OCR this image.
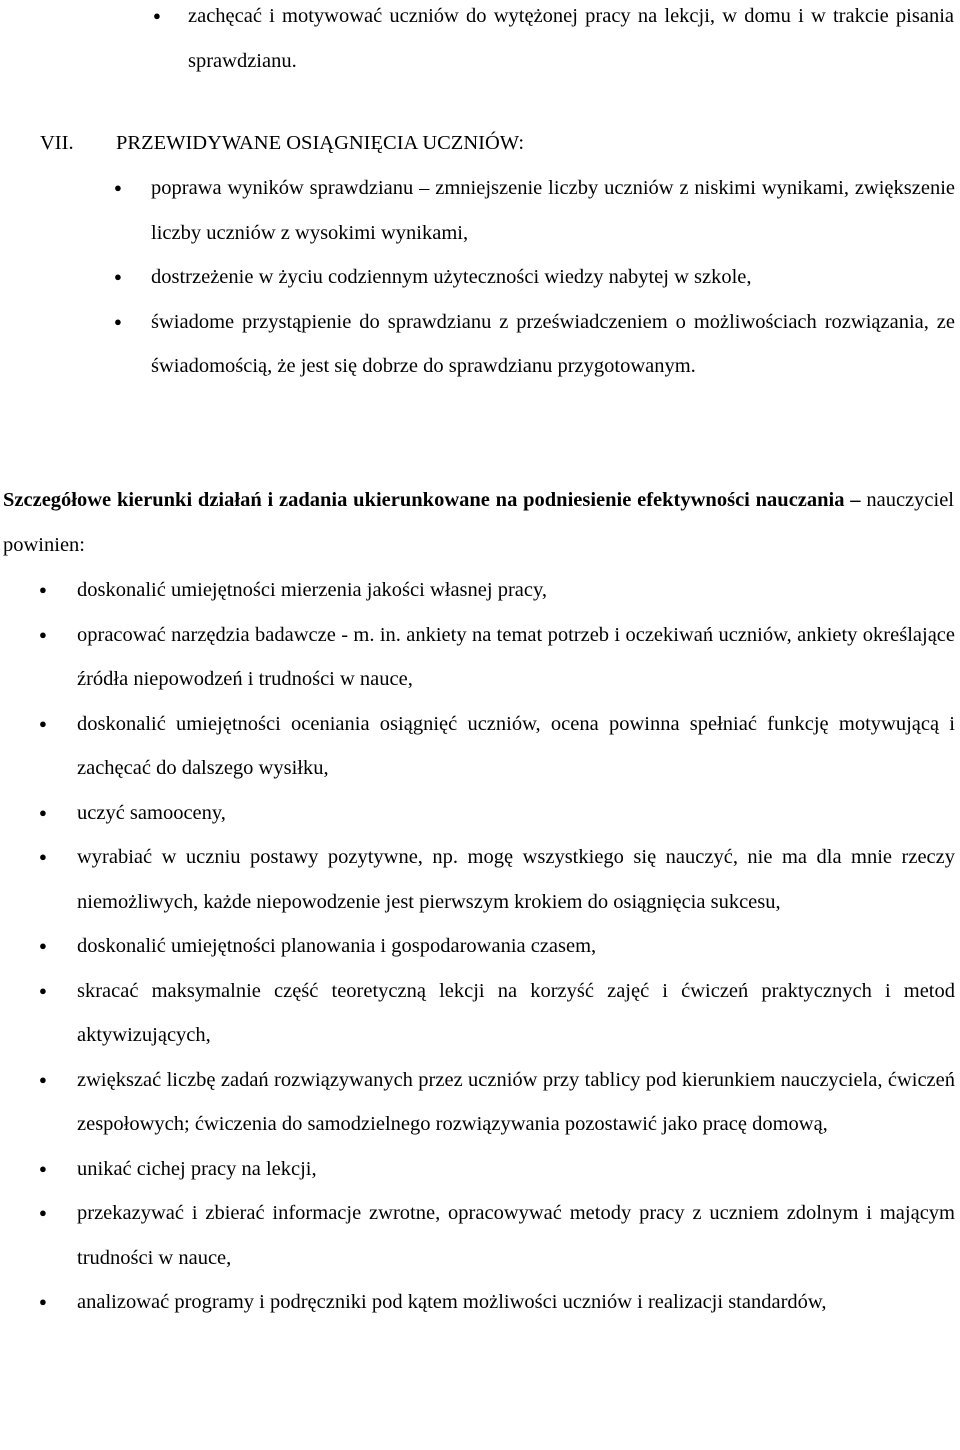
●
zachęcać i motywować uczniów do wytężonej pracy na lekcji, w domu i w trakcie pisania sprawdzianu.
VII. PRZEWIDYWANE OSIĄGNIĘCIA UCZNIÓW:
●
poprawa wyników sprawdzianu – zmniejszenie liczby uczniów z niskimi wynikami, zwiększenie liczby uczniów z wysokimi wynikami,
●
dostrzeżenie w życiu codziennym użyteczności wiedzy nabytej w szkole,
●
świadome przystąpienie do sprawdzianu z przeświadczeniem o możliwościach rozwiązania, ze świadomością, że jest się dobrze do sprawdzianu przygotowanym.
Szczegółowe kierunki działań i zadania ukierunkowane na podniesienie efektywności nauczania – nauczyciel powinien:
●
doskonalić umiejętności mierzenia jakości własnej pracy,
●
opracować narzędzia badawcze - m. in. ankiety na temat potrzeb i oczekiwań uczniów, ankiety określające źródła niepowodzeń i trudności w nauce,
●
doskonalić umiejętności oceniania osiągnięć uczniów, ocena powinna spełniać funkcję motywującą i zachęcać do dalszego wysiłku,
●
uczyć samooceny,
●
wyrabiać w uczniu postawy pozytywne, np. mogę wszystkiego się nauczyć, nie ma dla mnie rzeczy niemożliwych, każde niepowodzenie jest pierwszym krokiem do osiągnięcia sukcesu,
●
doskonalić umiejętności planowania i gospodarowania czasem,
●
skracać maksymalnie część teoretyczną lekcji na korzyść zajęć i ćwiczeń praktycznych i metod aktywizujących,
●
zwiększać liczbę zadań rozwiązywanych przez uczniów przy tablicy pod kierunkiem nauczyciela, ćwiczeń zespołowych; ćwiczenia do samodzielnego rozwiązywania pozostawić jako pracę domową,
●
unikać cichej pracy na lekcji,
●
przekazywać i zbierać informacje zwrotne, opracowywać metody pracy z uczniem zdolnym i mającym trudności w nauce,
●
analizować programy i podręczniki pod kątem możliwości uczniów i realizacji standardów,
